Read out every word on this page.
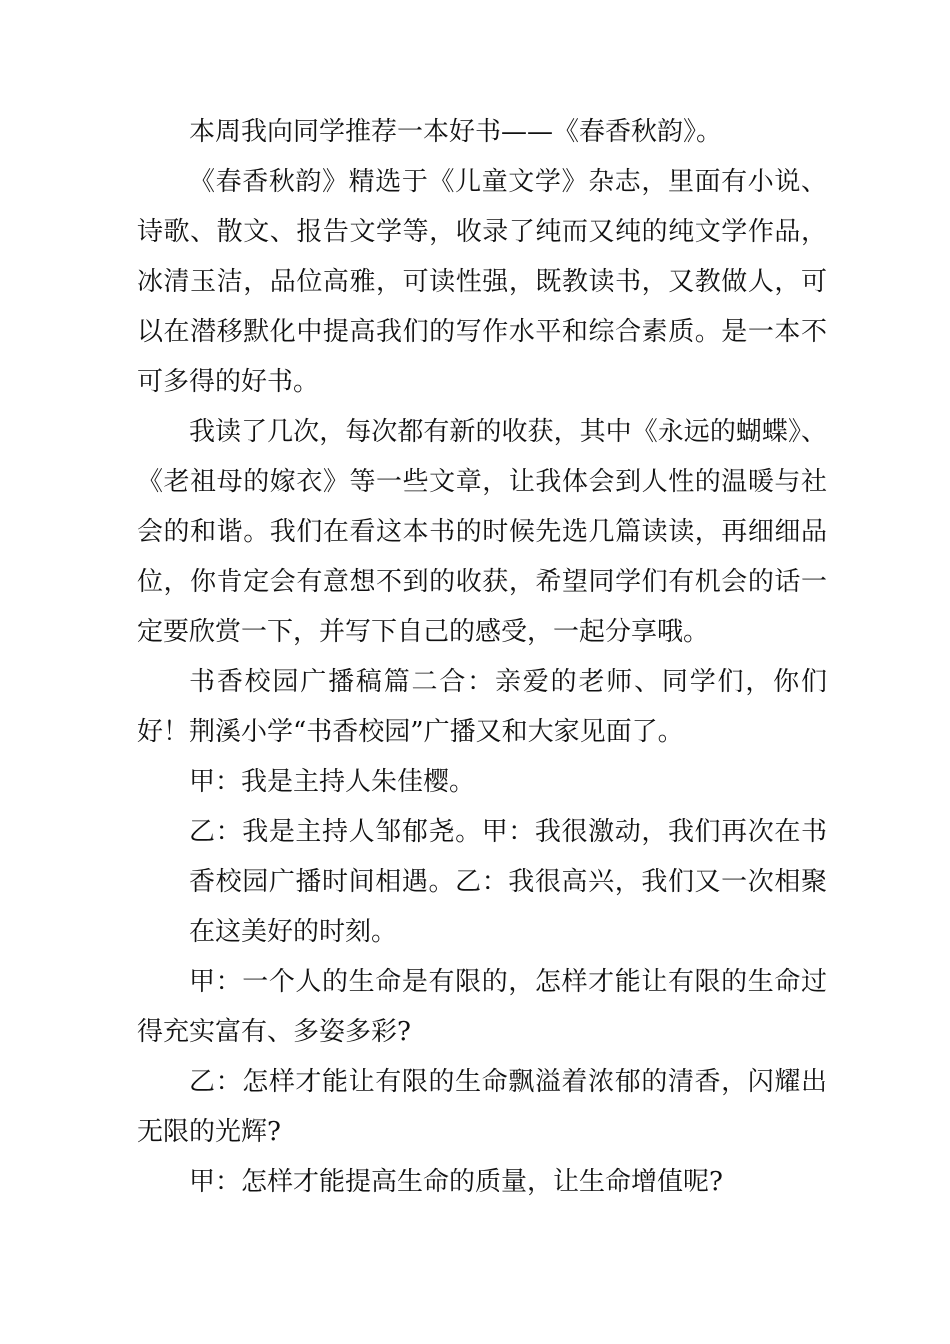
本周我向同学推荐一本好书——《春香秋韵》。

《春香秋韵》精选于《儿童文学》杂志，里面有小说、诗歌、散文、报告文学等，收录了纯而又纯的纯文学作品，冰清玉洁，品位高雅，可读性强，既教读书，又教做人，可以在潜移默化中提高我们的写作水平和综合素质。是一本不可多得的好书。

我读了几次，每次都有新的收获，其中《永远的蝴蝶》、《老祖母的嫁衣》等一些文章，让我体会到人性的温暖与社会的和谐。我们在看这本书的时候先选几篇读读，再细细品位，你肯定会有意想不到的收获，希望同学们有机会的话一定要欣赏一下，并写下自己的感受，一起分享哦。

书香校园广播稿篇二合：亲爱的老师、同学们，你们好！荆溪小学“书香校园”广播又和大家见面了。

甲：我是主持人朱佳樱。

乙：我是主持人邹郁尧。甲：我很激动，我们再次在书香校园广播时间相遇。乙：我很高兴，我们又一次相聚在这美好的时刻。

甲：一个人的生命是有限的，怎样才能让有限的生命过得充实富有、多姿多彩?

乙：怎样才能让有限的生命飘溢着浓郁的清香，闪耀出无限的光辉?

甲：怎样才能提高生命的质量，让生命增值呢?
